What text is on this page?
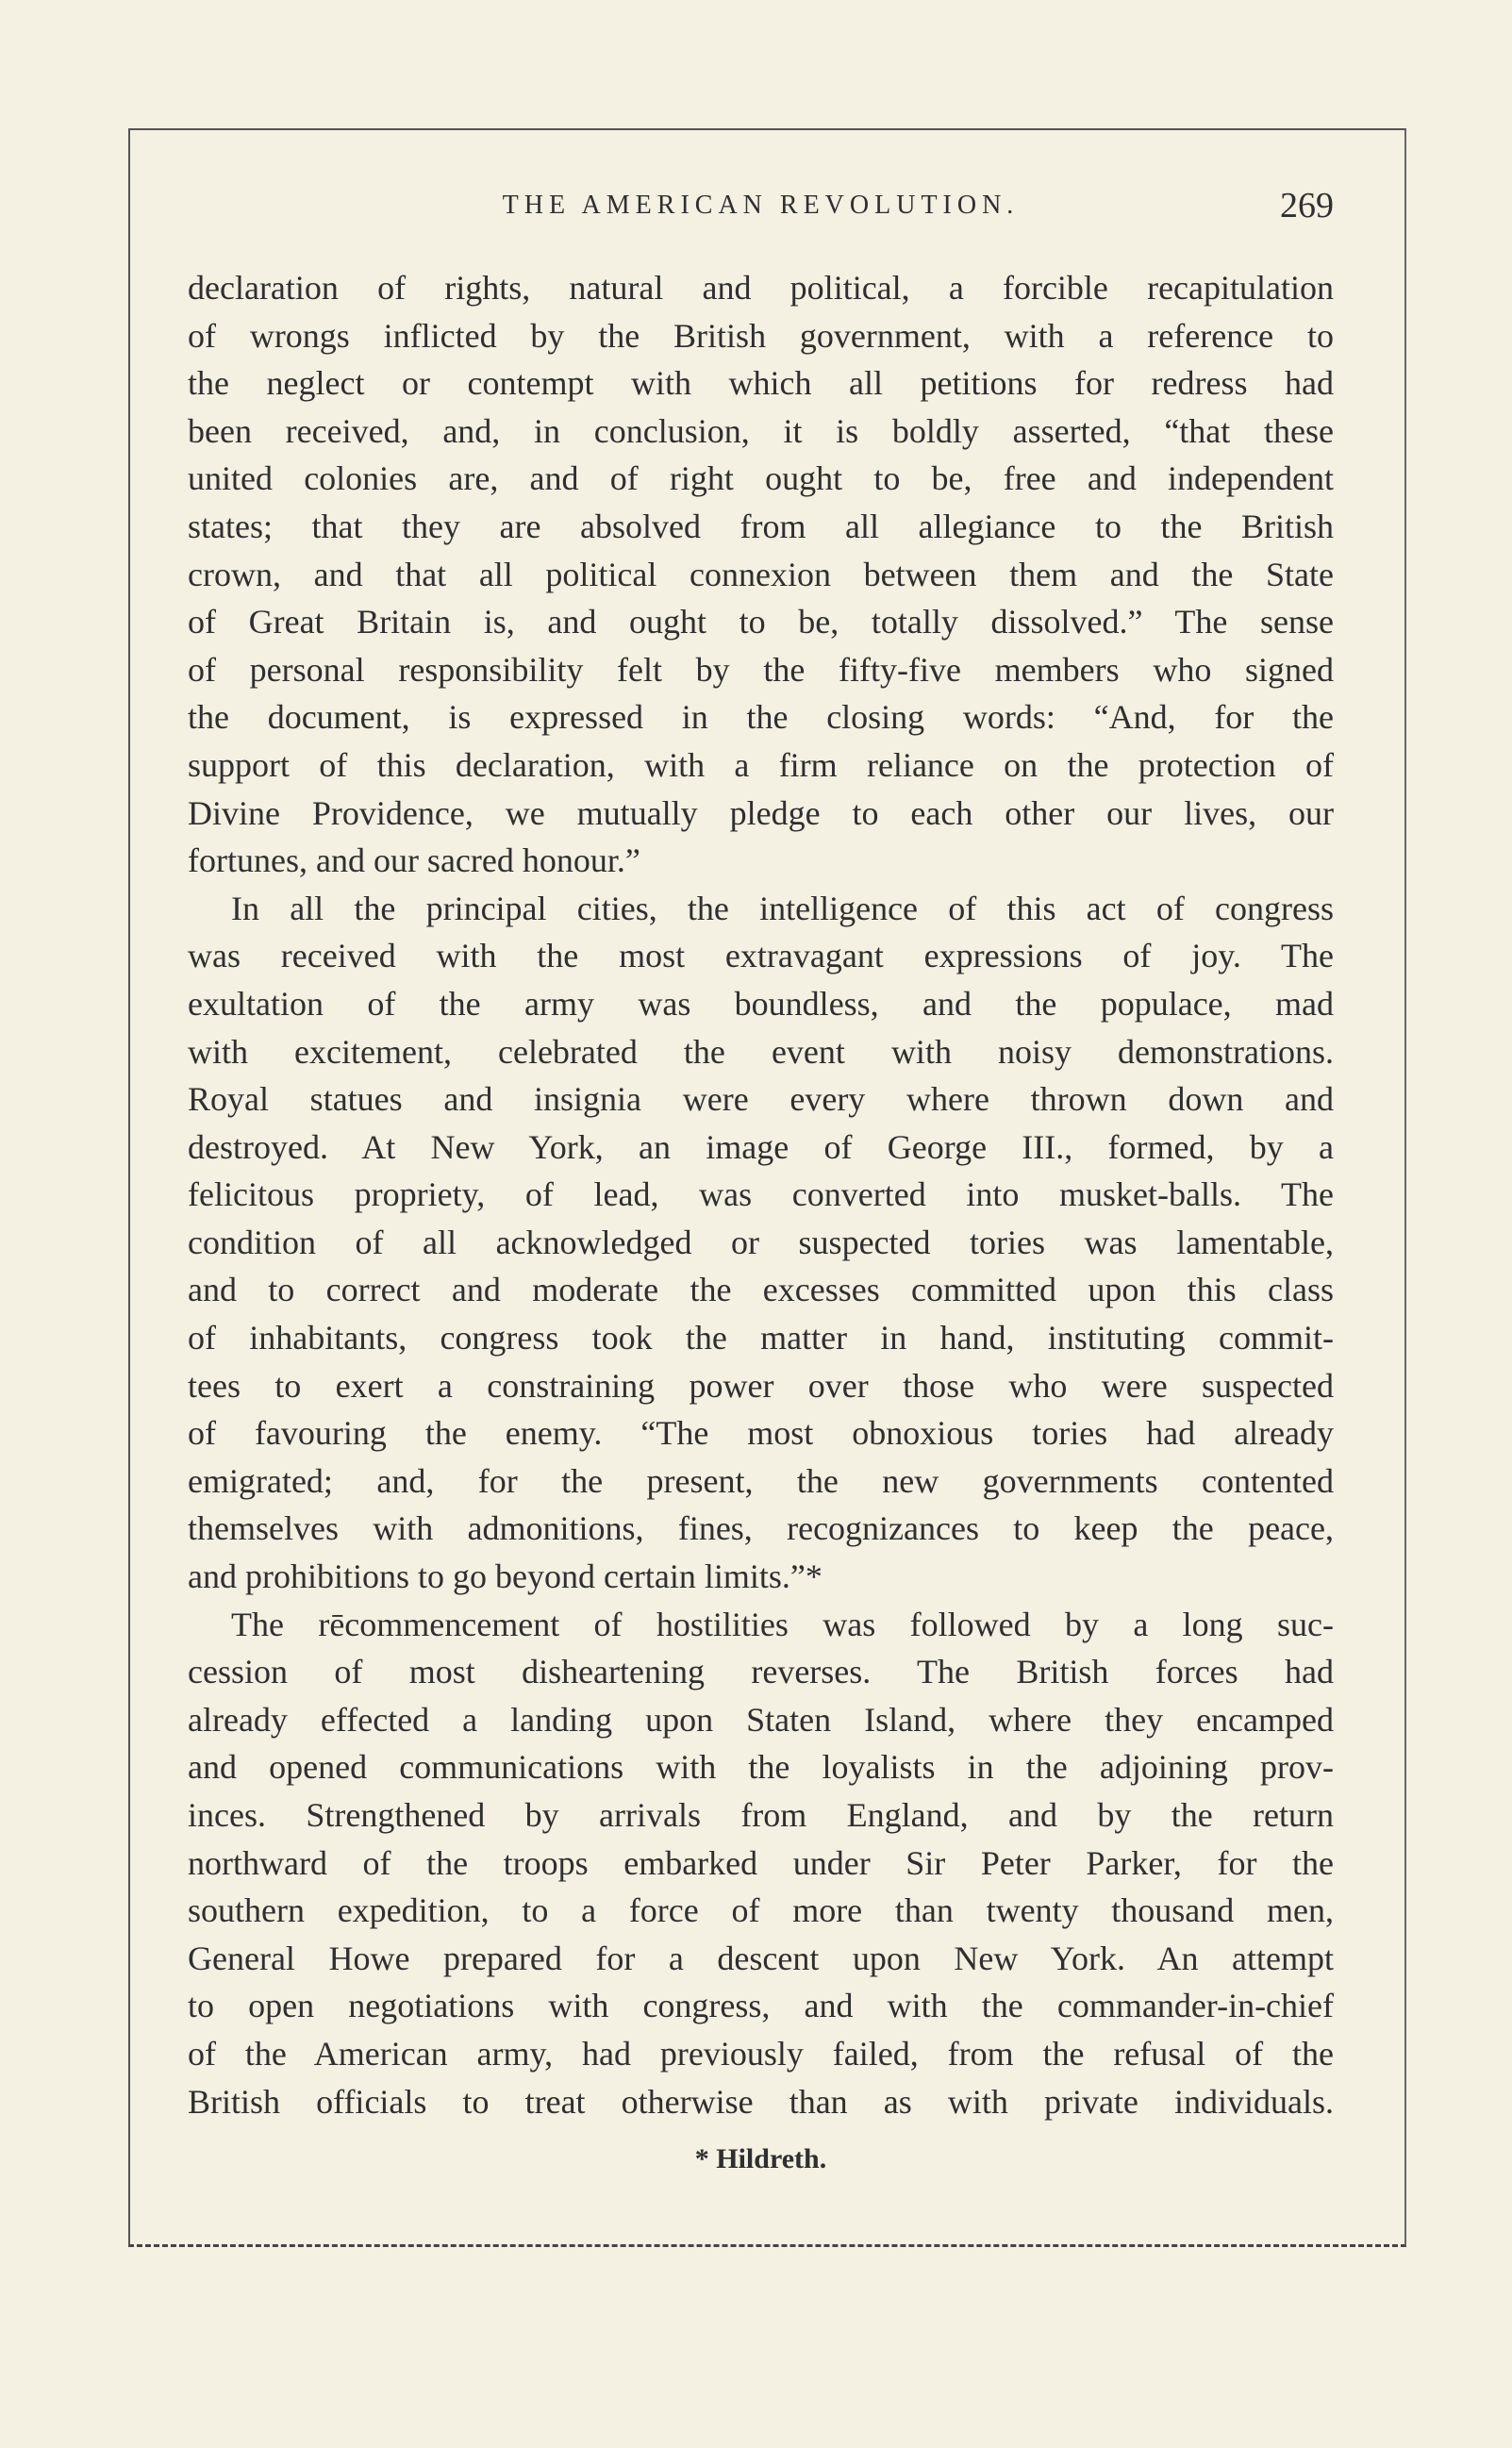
THE AMERICAN REVOLUTION.	269
declaration of rights, natural and political, a forcible recapitulation
of wrongs inflicted by the British government, with a reference to
the neglect or contempt with which all petitions for redress had
been received, and, in conclusion, it is boldly asserted, “that these
united colonies are, and of right ought to be, free and independent
states; that they are absolved from all allegiance to the British
crown, and that all political connexion between them and the State
of Great Britain is, and ought to be, totally dissolved.” The sense
of personal responsibility felt by the fifty-five members who signed
the document, is expressed in the closing words: “And, for the
support of this declaration, with a firm reliance on the protection of
Divine Providence, we mutually pledge to each other our lives, our
fortunes, and our sacred honour.”
In all the principal cities, the intelligence of this act of congress
was received with the most extravagant expressions of joy. The
exultation of the army was boundless, and the populace, mad
with excitement, celebrated the event with noisy demonstrations.
Royal statues and insignia were every where thrown down and
destroyed. At New York, an image of George III., formed, by a
felicitous propriety, of lead, was converted into musket-balls. The
condition of all acknowledged or suspected tories was lamentable,
and to correct and moderate the excesses committed upon this class
of inhabitants, congress took the matter in hand, instituting commit-
tees to exert a constraining power over those who were suspected
of favouring the enemy. “The most obnoxious tories had already
emigrated; and, for the present, the new governments contented
themselves with admonitions, fines, recognizances to keep the peace,
and prohibitions to go beyond certain limits.”*
The rēcommencement of hostilities was followed by a long suc-
cession of most disheartening reverses. The British forces had
already effected a landing upon Staten Island, where they encamped
and opened communications with the loyalists in the adjoining prov-
inces. Strengthened by arrivals from England, and by the return
northward of the troops embarked under Sir Peter Parker, for the
southern expedition, to a force of more than twenty thousand men,
General Howe prepared for a descent upon New York. An attempt
to open negotiations with congress, and with the commander-in-chief
of the American army, had previously failed, from the refusal of the
British officials to treat otherwise than as with private individuals.
* Hildreth.
